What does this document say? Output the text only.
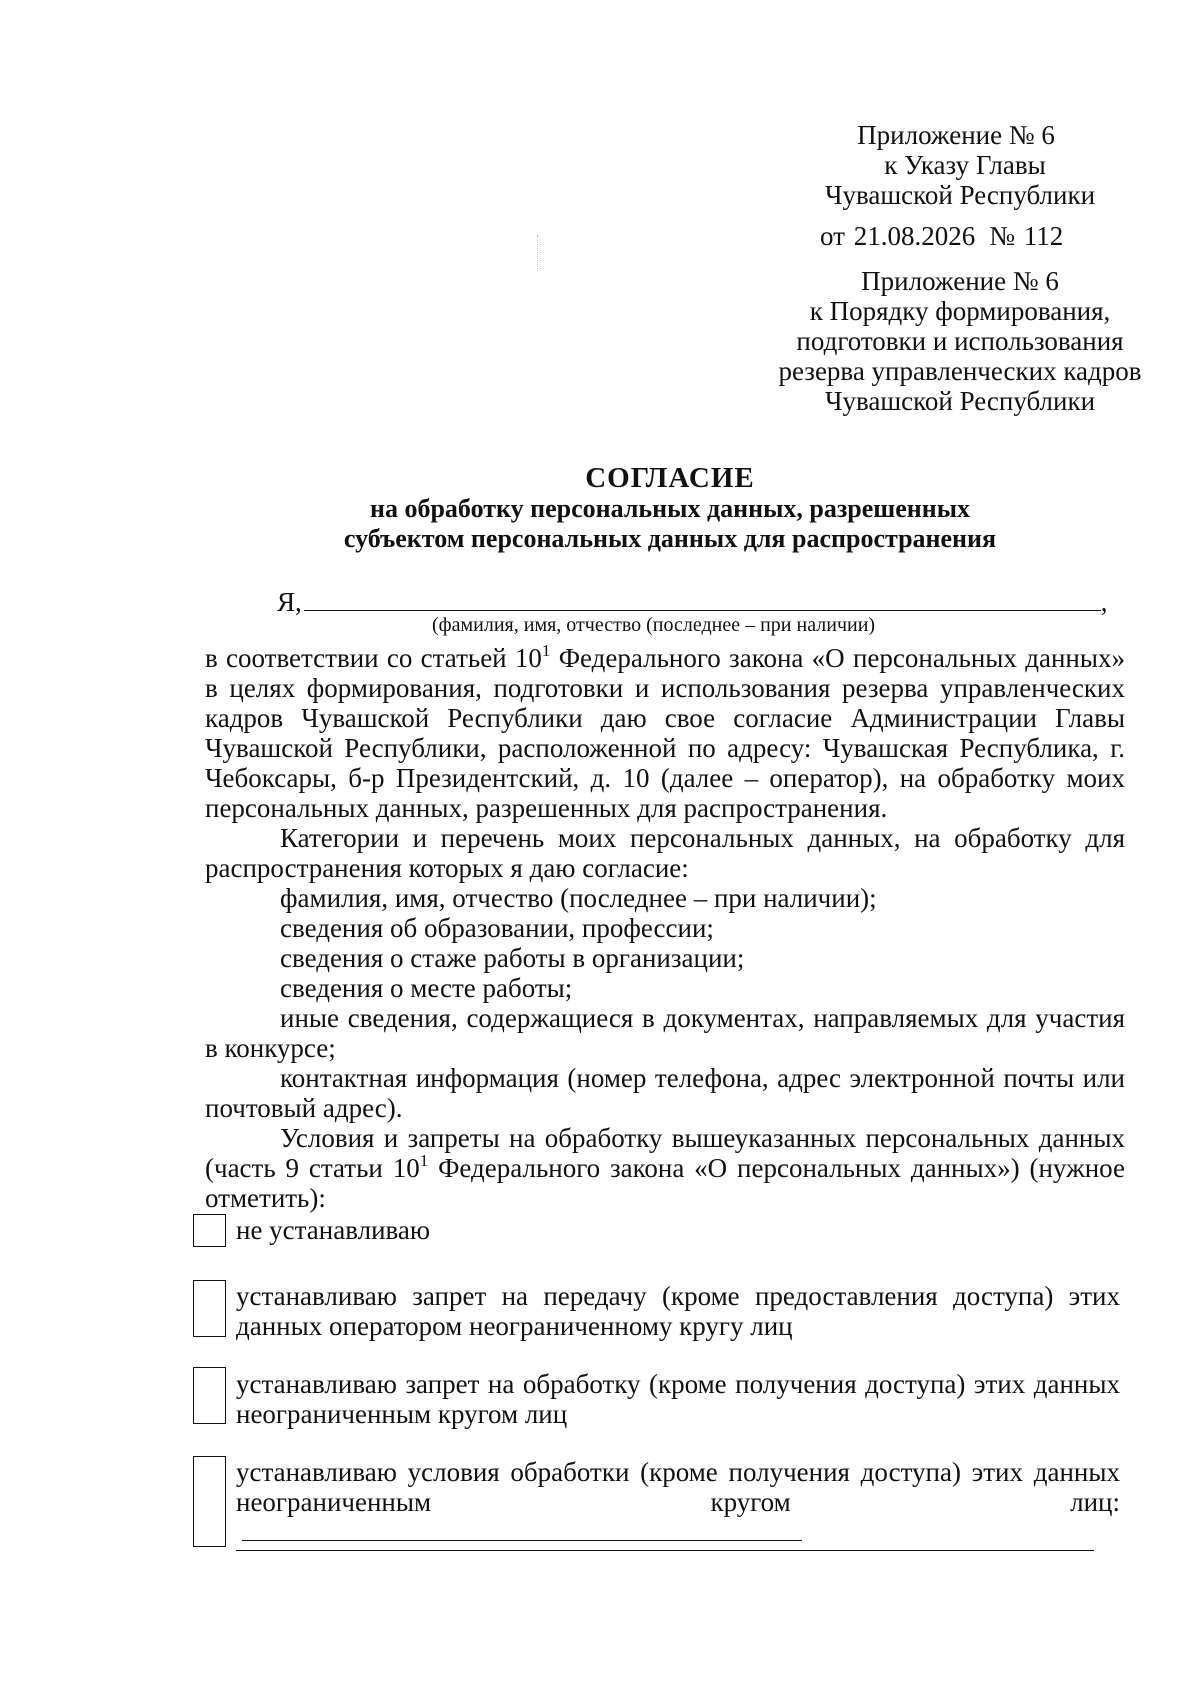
Приложение № 6
к Указу Главы
Чувашской Республики
от 21.08.2026 № 112
Приложение № 6
к Порядку формирования,
подготовки и использования
резерва управленческих кадров
Чувашской Республики
СОГЛАСИЕ
на обработку персональных данных, разрешенных
субъектом персональных данных для распространения
Я,	,
(фамилия, имя, отчество (последнее – при наличии)

в соответствии со статьей $10^1$ Федерального закона «О персональных данных» в целях формирования, подготовки и использования резерва управленческих кадров Чувашской Республики даю свое согласие Администрации Главы Чувашской Республики, расположенной по адресу: Чувашская Республика, г. Чебоксары, б-р Президентский, д. 10 (далее – оператор), на обработку моих персональных данных, разрешенных для распространения.

Категории и перечень моих персональных данных, на обработку для распространения которых я даю согласие:

фамилия, имя, отчество (последнее – при наличии);

сведения об образовании, профессии;

сведения о стаже работы в организации;

сведения о месте работы;

иные сведения, содержащиеся в документах, направляемых для участия в конкурсе;

контактная информация (номер телефона, адрес электронной почты или почтовый адрес).

Условия и запреты на обработку вышеуказанных персональных данных (часть 9 статьи $10^1$ Федерального закона «О персональных данных») (нужное отметить):

не устанавливаю
устанавливаю запрет на передачу (кроме предоставления доступа) этих данных оператором неограниченному кругу лиц
устанавливаю запрет на обработку (кроме получения доступа) этих данных неограниченным кругом лиц
устанавливаю условия обработки (кроме получения доступа) этих данных неограниченным кругом лиц:
